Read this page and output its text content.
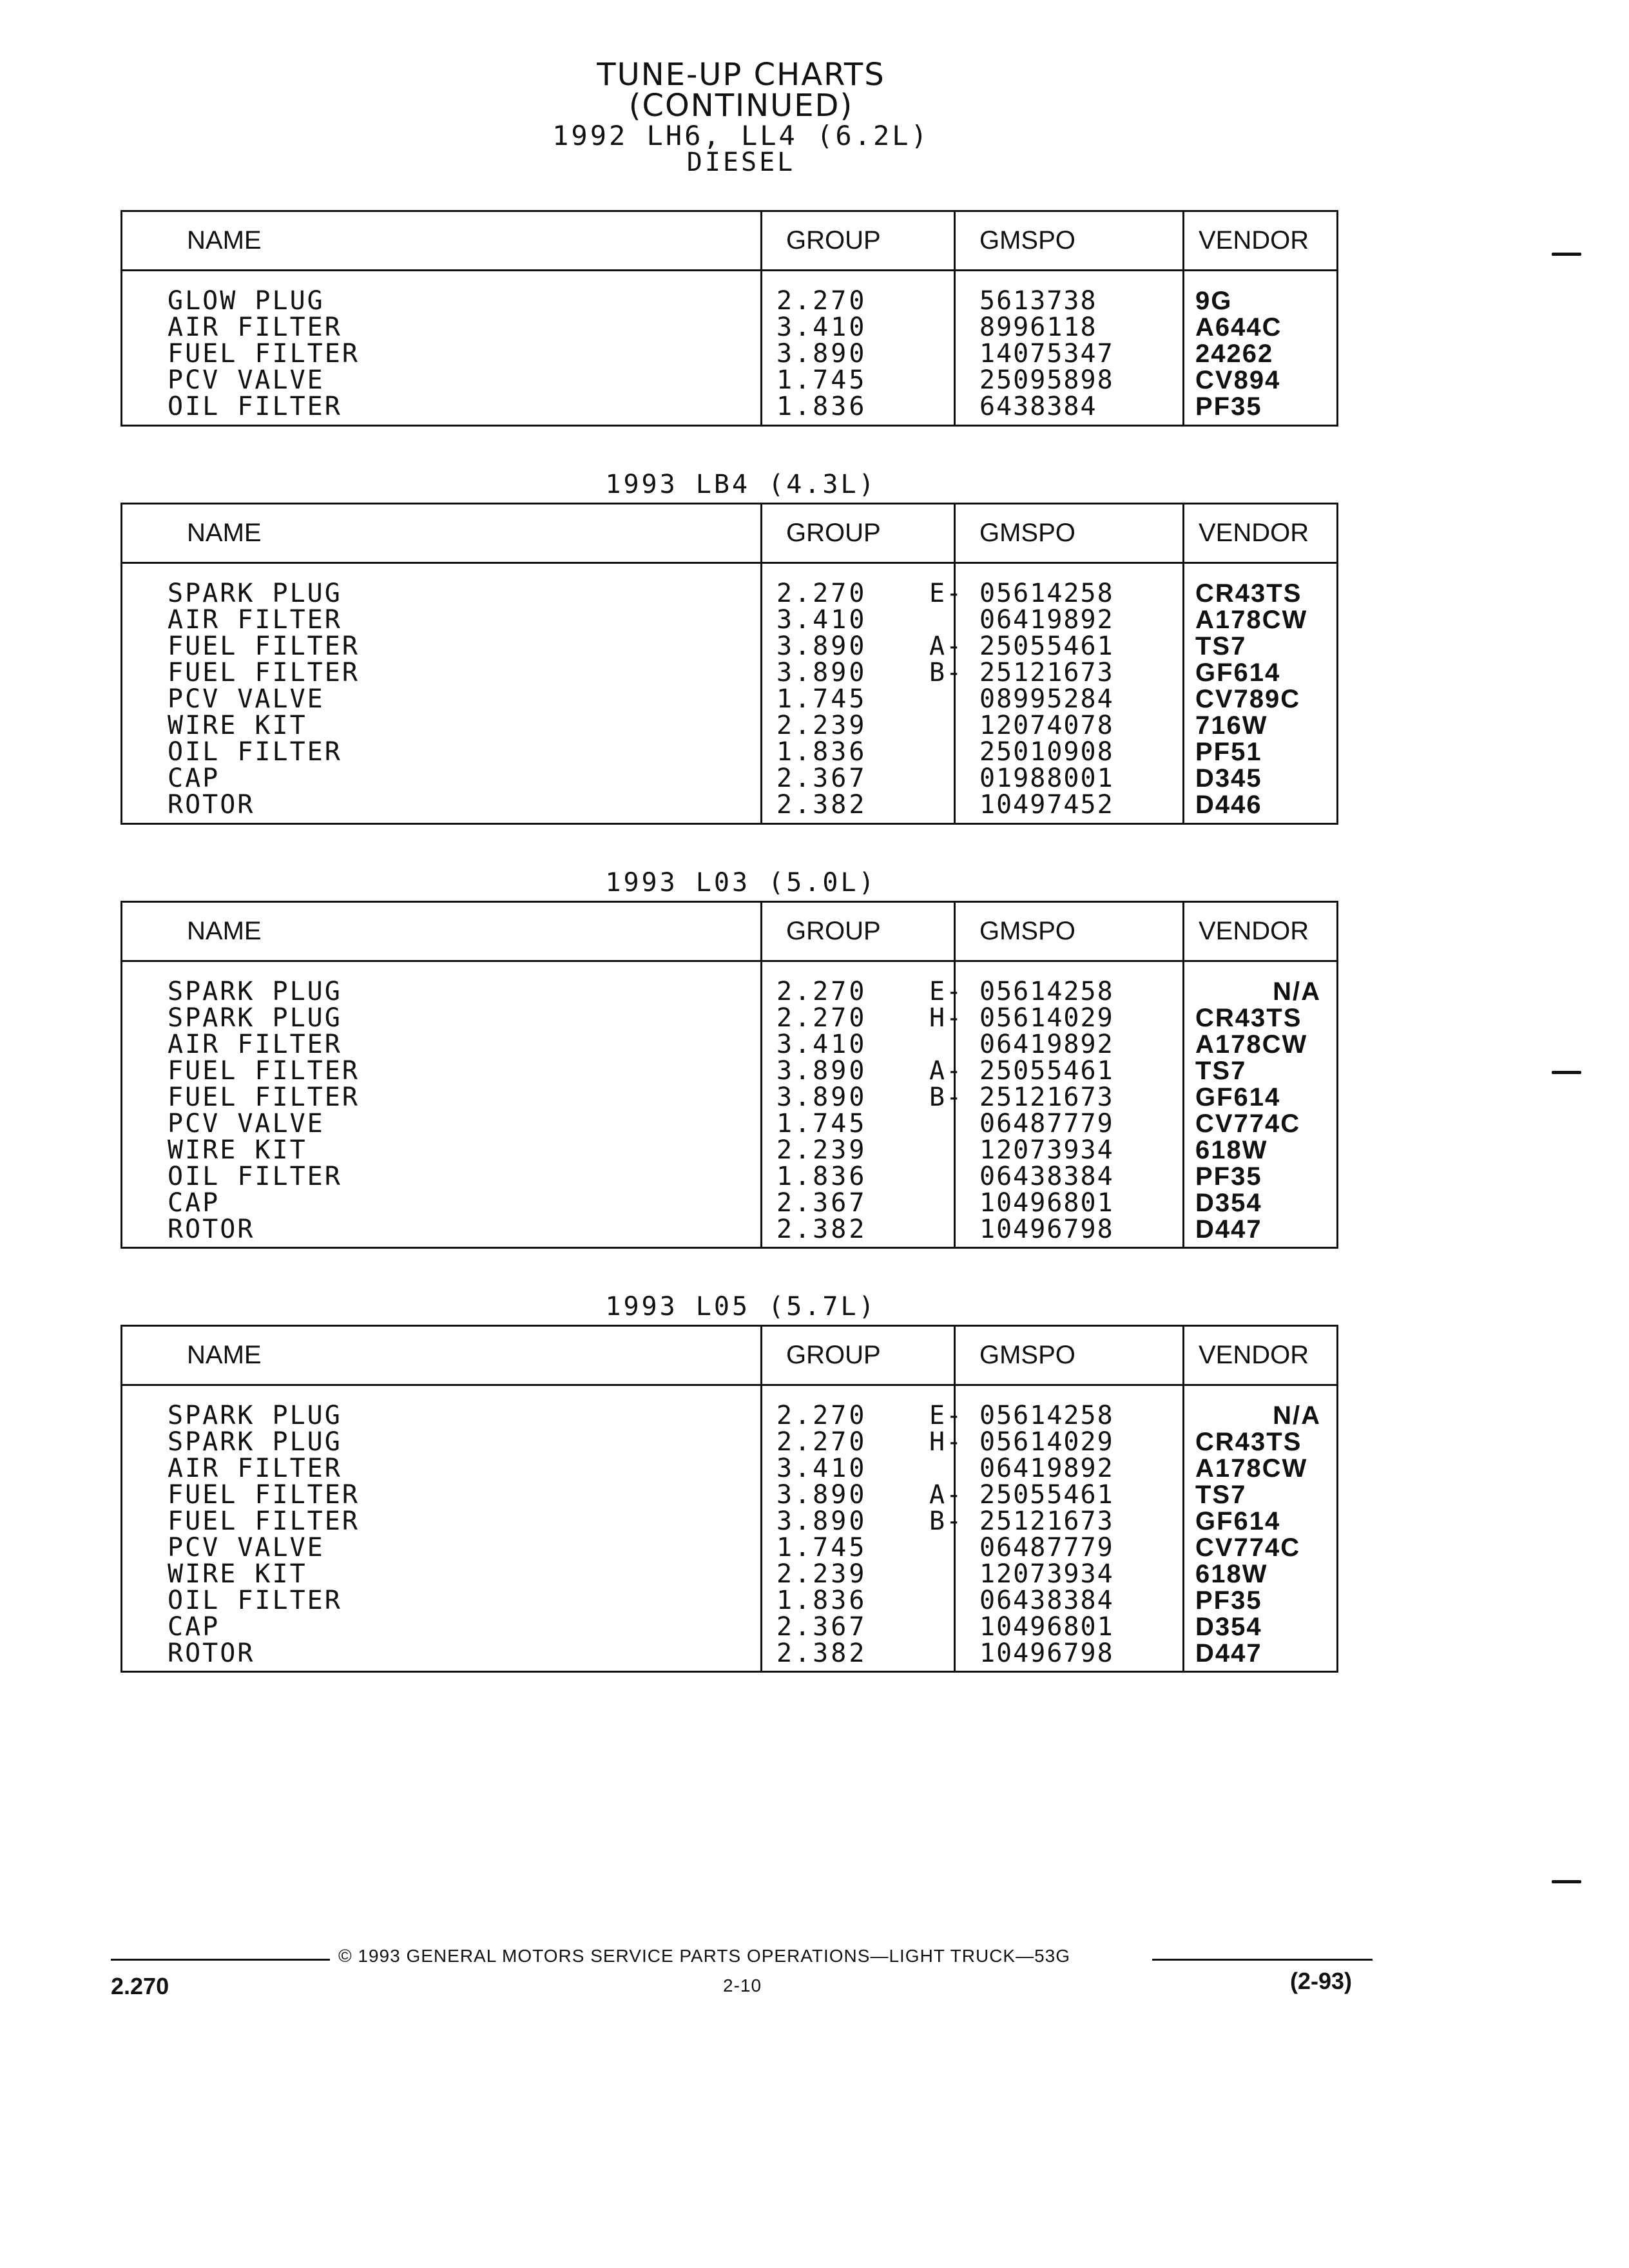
TUNE-UP CHARTS
(CONTINUED)
1992 LH6, LL4 (6.2L)
DIESEL
NAME	GROUP	GMSPO	VENDOR
GLOW PLUG	2.270	5613738	9G
AIR FILTER	3.410	8996118	A644C
FUEL FILTER	3.890	14075347	24262
PCV VALVE	1.745	25095898	CV894
OIL FILTER	1.836	6438384	PF35
1993 LB4 (4.3L)
NAME	GROUP	GMSPO	VENDOR
SPARK PLUG	2.270 E- 05614258	CR43TS
AIR FILTER	3.410	06419892	A178CW
FUEL FILTER	3.890 A- 25055461	TS7
FUEL FILTER	3.890 B- 25121673	GF614
PCV VALVE	1.745	08995284	CV789C
WIRE KIT	2.239	12074078	716W
OIL FILTER	1.836	25010908	PF51
CAP	2.367	01988001	D345
ROTOR	2.382	10497452	D446
1993 L03 (5.0L)
NAME	GROUP	GMSPO	VENDOR
SPARK PLUG	2.270 E- 05614258	N/A
SPARK PLUG	2.270 H- 05614029	CR43TS
AIR FILTER	3.410	06419892	A178CW
FUEL FILTER	3.890 A- 25055461	TS7
FUEL FILTER	3.890 B- 25121673	GF614
PCV VALVE	1.745	06487779	CV774C
WIRE KIT	2.239	12073934	618W
OIL FILTER	1.836	06438384	PF35
CAP	2.367	10496801	D354
ROTOR	2.382	10496798	D447
1993 L05 (5.7L)
NAME	GROUP	GMSPO	VENDOR
SPARK PLUG	2.270 E- 05614258	N/A
SPARK PLUG	2.270 H- 05614029	CR43TS
AIR FILTER	3.410	06419892	A178CW
FUEL FILTER	3.890 A- 25055461	TS7
FUEL FILTER	3.890 B- 25121673	GF614
PCV VALVE	1.745	06487779	CV774C
WIRE KIT	2.239	12073934	618W
OIL FILTER	1.836	06438384	PF35
CAP	2.367	10496801	D354
ROTOR	2.382	10496798	D447
© 1993 GENERAL MOTORS SERVICE PARTS OPERATIONS—LIGHT TRUCK—53G
2.270	2-10	(2-93)
